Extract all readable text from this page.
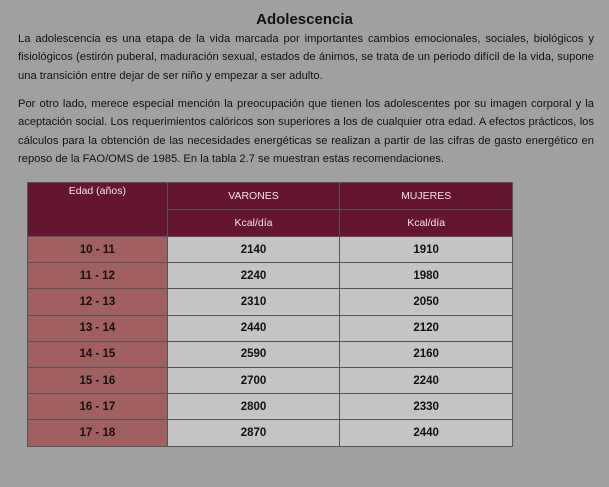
Adolescencia

La adolescencia es una etapa de la vida marcada por importantes cambios emocionales, sociales, biológicos y fisiológicos (estirón puberal, maduración sexual, estados de ánimos, se trata de un periodo difícil de la vida, supone una transición entre dejar de ser niño y empezar a ser adulto.

Por otro lado, merece especial mención la preocupación que tienen los adolescentes por su imagen corporal y la aceptación social. Los requerimientos calóricos son superiores a los de cualquier otra edad. A efectos prácticos, los cálculos para la obtención de las necesidades energéticas se realizan a partir de las cifras de gasto energético en reposo de la FAO/OMS de 1985. En la tabla 2.7 se muestran estas recomendaciones.

Edad (años)	VARONES	MUJERES
	Kcal/día	Kcal/día
10 - 11	2140	1910
11 - 12	2240	1980
12 - 13	2310	2050
13 - 14	2440	2120
14 - 15	2590	2160
15 - 16	2700	2240
16 - 17	2800	2330
17 - 18	2870	2440
